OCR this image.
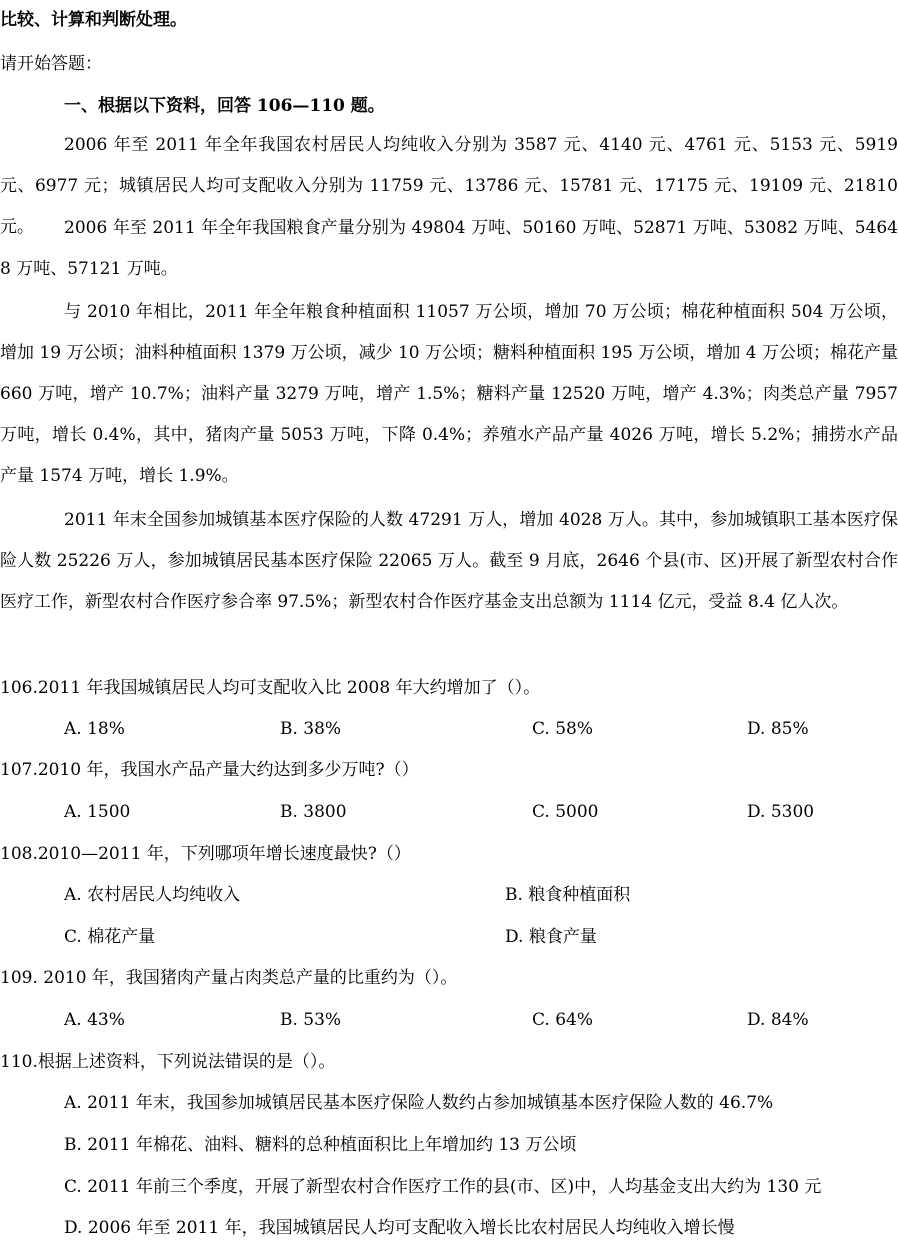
比较、计算和判断处理。
请开始答题：
一、根据以下资料，回答 106—110 题。
2006 年至 2011 年全年我国农村居民人均纯收入分别为 3587 元、4140 元、4761 元、5153 元、5919 元、6977 元；城镇居民人均可支配收入分别为 11759 元、13786 元、15781 元、17175 元、19109 元、21810 元。	2006 年至 2011 年全年我国粮食产量分别为 49804 万吨、50160 万吨、52871 万吨、53082 万吨、54648 万吨、57121 万吨。
与 2010 年相比，2011 年全年粮食种植面积 11057 万公顷，增加 70 万公顷；棉花种植面积 504 万公顷，增加 19 万公顷；油料种植面积 1379 万公顷，减少 10 万公顷；糖料种植面积 195 万公顷，增加 4 万公顷；棉花产量 660 万吨，增产 10.7%；油料产量 3279 万吨，增产 1.5%；糖料产量 12520 万吨，增产 4.3%；肉类总产量 7957 万吨，增长 0.4%，其中，猪肉产量 5053 万吨，下降 0.4%；养殖水产品产量 4026 万吨，增长 5.2%；捕捞水产品产量 1574 万吨，增长 1.9%。
2011 年末全国参加城镇基本医疗保险的人数 47291 万人，增加 4028 万人。其中，参加城镇职工基本医疗保险人数 25226 万人，参加城镇居民基本医疗保险 22065 万人。截至 9 月底，2646 个县(市、区)开展了新型农村合作医疗工作，新型农村合作医疗参合率 97.5%；新型农村合作医疗基金支出总额为 1114 亿元，受益 8.4 亿人次。
106.2011 年我国城镇居民人均可支配收入比 2008 年大约增加了（）。
A. 18%	B. 38%	C. 58%	D. 85%
107.2010 年，我国水产品产量大约达到多少万吨?（）
A. 1500	B. 3800	C. 5000	D. 5300
108.2010—2011 年，下列哪项年增长速度最快?（）
A. 农村居民人均纯收入	B. 粮食种植面积
C. 棉花产量	D. 粮食产量
109. 2010 年，我国猪肉产量占肉类总产量的比重约为（）。
A. 43%	B. 53%	C. 64%	D. 84%
110.根据上述资料，下列说法错误的是（）。
A. 2011 年末，我国参加城镇居民基本医疗保险人数约占参加城镇基本医疗保险人数的 46.7%
B. 2011 年棉花、油料、糖料的总种植面积比上年增加约 13 万公顷
C. 2011 年前三个季度，开展了新型农村合作医疗工作的县(市、区)中，人均基金支出大约为 130 元
D. 2006 年至 2011 年，我国城镇居民人均可支配收入增长比农村居民人均纯收入增长慢
